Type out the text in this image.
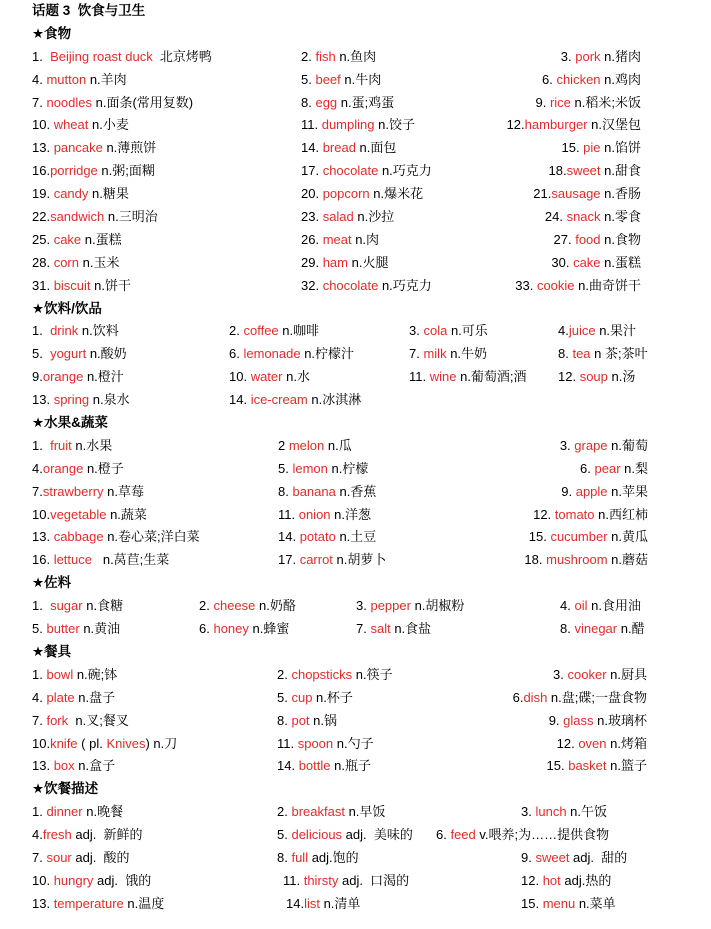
话题 3  饮食与卫生
★食物
1.  Beijing roast duck  北京烤鸭	2. fish n.鱼肉	3. pork n.猪肉
4. mutton n.羊肉	5. beef n.牛肉	6. chicken n.鸡肉
7. noodles n.面条(常用复数)	8. egg n.蛋;鸡蛋	9. rice n.稻米;米饭
10. wheat n.小麦	11. dumpling n.饺子	12.hamburger n.汉堡包
13. pancake n.薄煎饼	14. bread n.面包	15. pie n.馅饼
16.porridge n.粥;面糊	17. chocolate n.巧克力	18.sweet n.甜食
19. candy n.糖果	20. popcorn n.爆米花	21.sausage n.香肠
22.sandwich n.三明治	23. salad n.沙拉	24. snack n.零食
25. cake n.蛋糕	26. meat n.肉	27. food n.食物
28. corn n.玉米	29. ham n.火腿	30. cake n.蛋糕
31. biscuit n.饼干	32. chocolate n.巧克力	33. cookie n.曲奇饼干
★饮料/饮品
1.  drink n.饮料	2. coffee n.咖啡	3. cola n.可乐	4.juice n.果汁
5.  yogurt n.酸奶	6. lemonade n.柠檬汁	7. milk n.牛奶	8. tea n 茶;茶叶
9.orange n.橙汁	10. water n.水	11. wine n.葡萄酒;酒 12. soup n.汤
13. spring n.泉水	14. ice-cream n.冰淇淋
★水果&蔬菜
1.  fruit n.水果	2 melon n.瓜	3. grape n.葡萄
4.orange n.橙子	5. lemon n.柠檬	6. pear n.梨
7.strawberry n.草莓	8. banana n.香蕉	9. apple n.苹果
10.vegetable n.蔬菜	11. onion n.洋葱	12. tomato n.西红柿
13. cabbage n.卷心菜;洋白菜	14. potato n.土豆	15. cucumber n.黄瓜
16. lettuce   n.莴苣;生菜	17. carrot n.胡萝卜	18. mushroom n.蘑菇
★佐料
1.  sugar n.食糖	2. cheese n.奶酪	3. pepper n.胡椒粉	4. oil n.食用油
5. butter n.黄油	6. honey n.蜂蜜	7. salt n.食盐	8. vinegar n.醋
★餐具
1. bowl n.碗;钵	2. chopsticks n.筷子	3. cooker n.厨具
4. plate n.盘子	5. cup n.杯子	6.dish n.盘;碟;一盘食物
7. fork  n.叉;餐叉	8. pot n.锅	9. glass n.玻璃杯
10.knife ( pl. Knives) n.刀	11. spoon n.勺子	12. oven n.烤箱
13. box n.盒子	14. bottle n.瓶子	15. basket n.篮子
★饮餐描述
1. dinner n.晚餐	2. breakfast n.早饭	3. lunch n.午饭
4.fresh adj.  新鲜的	5. delicious adj.  美味的 6. feed v.喂养;为……提供食物
7. sour adj.  酸的	8. full adj.饱的	9. sweet adj.  甜的
10. hungry adj.  饿的	11. thirsty adj.  口渴的	12. hot adj.热的
13. temperature n.温度	14.list n.清单	15. menu n.菜单
